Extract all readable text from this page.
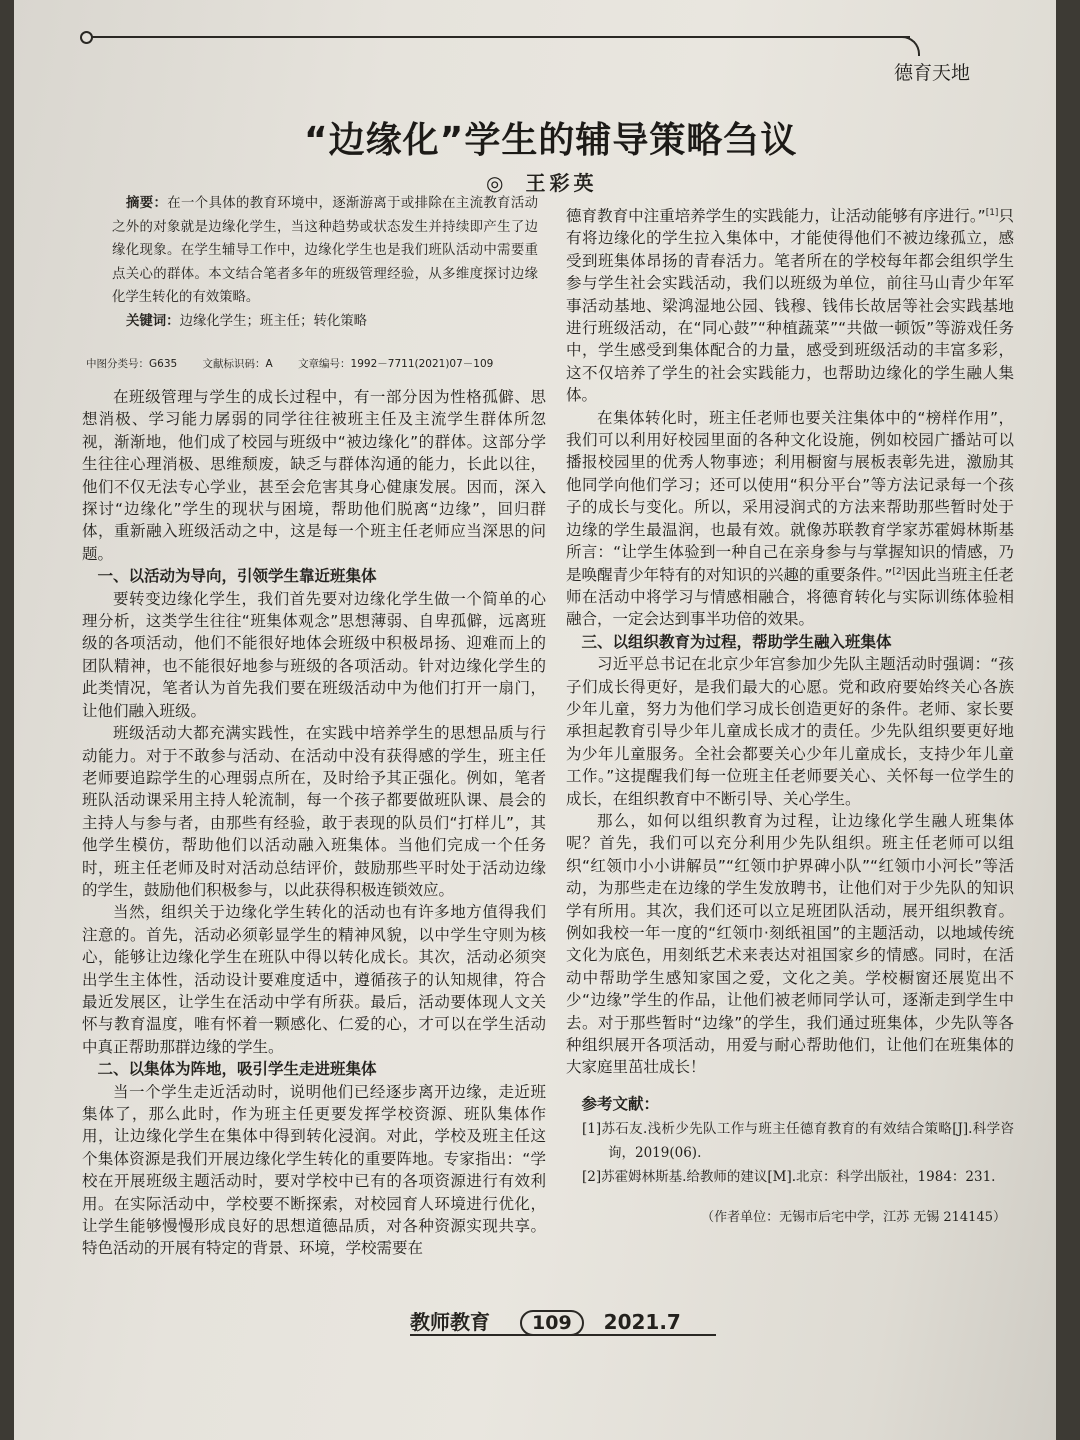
德育天地
“边缘化”学生的辅导策略刍议
◎ 王彩英
摘要：在一个具体的教育环境中，逐渐游离于或排除在主流教育活动之外的对象就是边缘化学生，当这种趋势或状态发生并持续即产生了边缘化现象。在学生辅导工作中，边缘化学生也是我们班队活动中需要重点关心的群体。本文结合笔者多年的班级管理经验，从多维度探讨边缘化学生转化的有效策略。
关键词：边缘化学生；班主任；转化策略
中图分类号：G635 文献标识码：A 文章编号：1992－7711(2021)07－109

在班级管理与学生的成长过程中，有一部分因为性格孤僻、思想消极、学习能力孱弱的同学往往被班主任及主流学生群体所忽视，渐渐地，他们成了校园与班级中“被边缘化”的群体。这部分学生往往心理消极、思维颓废，缺乏与群体沟通的能力，长此以往，他们不仅无法专心学业，甚至会危害其身心健康发展。因而，深入探讨“边缘化”学生的现状与困境，帮助他们脱离“边缘”，回归群体，重新融入班级活动之中，这是每一个班主任老师应当深思的问题。

一、以活动为导向，引领学生靠近班集体

要转变边缘化学生，我们首先要对边缘化学生做一个简单的心理分析，这类学生往往“班集体观念”思想薄弱、自卑孤僻，远离班级的各项活动，他们不能很好地体会班级中积极昂扬、迎难而上的团队精神，也不能很好地参与班级的各项活动。针对边缘化学生的此类情况，笔者认为首先我们要在班级活动中为他们打开一扇门，让他们融入班级。

班级活动大都充满实践性，在实践中培养学生的思想品质与行动能力。对于不敢参与活动、在活动中没有获得感的学生，班主任老师要追踪学生的心理弱点所在，及时给予其正强化。例如，笔者班队活动课采用主持人轮流制，每一个孩子都要做班队课、晨会的主持人与参与者，由那些有经验，敢于表现的队员们“打样儿”，其他学生模仿，帮助他们以活动融入班集体。当他们完成一个任务时，班主任老师及时对活动总结评价，鼓励那些平时处于活动边缘的学生，鼓励他们积极参与，以此获得积极连锁效应。

当然，组织关于边缘化学生转化的活动也有许多地方值得我们注意的。首先，活动必须彰显学生的精神风貌，以中学生守则为核心，能够让边缘化学生在班队中得以转化成长。其次，活动必须突出学生主体性，活动设计要难度适中，遵循孩子的认知规律，符合最近发展区，让学生在活动中学有所获。最后，活动要体现人文关怀与教育温度，唯有怀着一颗感化、仁爱的心，才可以在学生活动中真正帮助那群边缘的学生。

二、以集体为阵地，吸引学生走进班集体

当一个学生走近活动时，说明他们已经逐步离开边缘，走近班集体了，那么此时，作为班主任更要发挥学校资源、班队集体作用，让边缘化学生在集体中得到转化浸润。对此，学校及班主任这个集体资源是我们开展边缘化学生转化的重要阵地。专家指出：“学校在开展班级主题活动时，要对学校中已有的各项资源进行有效利用。在实际活动中，学校要不断探索，对校园育人环境进行优化，让学生能够慢慢形成良好的思想道德品质，对各种资源实现共享。特色活动的开展有特定的背景、环境，学校需要在

德育教育中注重培养学生的实践能力，让活动能够有序进行。”[1]只有将边缘化的学生拉入集体中，才能使得他们不被边缘孤立，感受到班集体昂扬的青春活力。笔者所在的学校每年都会组织学生参与学生社会实践活动，我们以班级为单位，前往马山青少年军事活动基地、梁鸿湿地公园、钱穆、钱伟长故居等社会实践基地进行班级活动，在“同心鼓”“种植蔬菜”“共做一顿饭”等游戏任务中，学生感受到集体配合的力量，感受到班级活动的丰富多彩，这不仅培养了学生的社会实践能力，也帮助边缘化的学生融人集体。

在集体转化时，班主任老师也要关注集体中的“榜样作用”，我们可以利用好校园里面的各种文化设施，例如校园广播站可以播报校园里的优秀人物事迹；利用橱窗与展板表彰先进，激励其他同学向他们学习；还可以使用“积分平台”等方法记录每一个孩子的成长与变化。所以，采用浸润式的方法来帮助那些暂时处于边缘的学生最温润，也最有效。就像苏联教育学家苏霍姆林斯基所言：“让学生体验到一种自己在亲身参与与掌握知识的情感，乃是唤醒青少年特有的对知识的兴趣的重要条件。”[2]因此当班主任老师在活动中将学习与情感相融合，将德育转化与实际训练体验相融合，一定会达到事半功倍的效果。

三、以组织教育为过程，帮助学生融入班集体

习近平总书记在北京少年宫参加少先队主题活动时强调：“孩子们成长得更好，是我们最大的心愿。党和政府要始终关心各族少年儿童，努力为他们学习成长创造更好的条件。老师、家长要承担起教育引导少年儿童成长成才的责任。少先队组织要更好地为少年儿童服务。全社会都要关心少年儿童成长，支持少年儿童工作。”这提醒我们每一位班主任老师要关心、关怀每一位学生的成长，在组织教育中不断引导、关心学生。

那么，如何以组织教育为过程，让边缘化学生融人班集体呢？首先，我们可以充分利用少先队组织。班主任老师可以组织“红领巾小小讲解员”“红领巾护界碑小队”“红领巾小河长”等活动，为那些走在边缘的学生发放聘书，让他们对于少先队的知识学有所用。其次，我们还可以立足班团队活动，展开组织教育。例如我校一年一度的“红领巾·刻纸祖国”的主题活动，以地域传统文化为底色，用刻纸艺术来表达对祖国家乡的情感。同时，在活动中帮助学生感知家国之爱，文化之美。学校橱窗还展览出不少“边缘”学生的作品，让他们被老师同学认可，逐渐走到学生中去。对于那些暂时“边缘”的学生，我们通过班集体，少先队等各种组织展开各项活动，用爱与耐心帮助他们，让他们在班集体的大家庭里茁壮成长！

参考文献：
[1]苏石友.浅析少先队工作与班主任德育教育的有效结合策略[J].科学咨询，2019(06).
[2]苏霍姆林斯基.给教师的建议[M].北京：科学出版社，1984：231.
（作者单位：无锡市后宅中学，江苏 无锡 214145）
教师教育 109 2021.7
